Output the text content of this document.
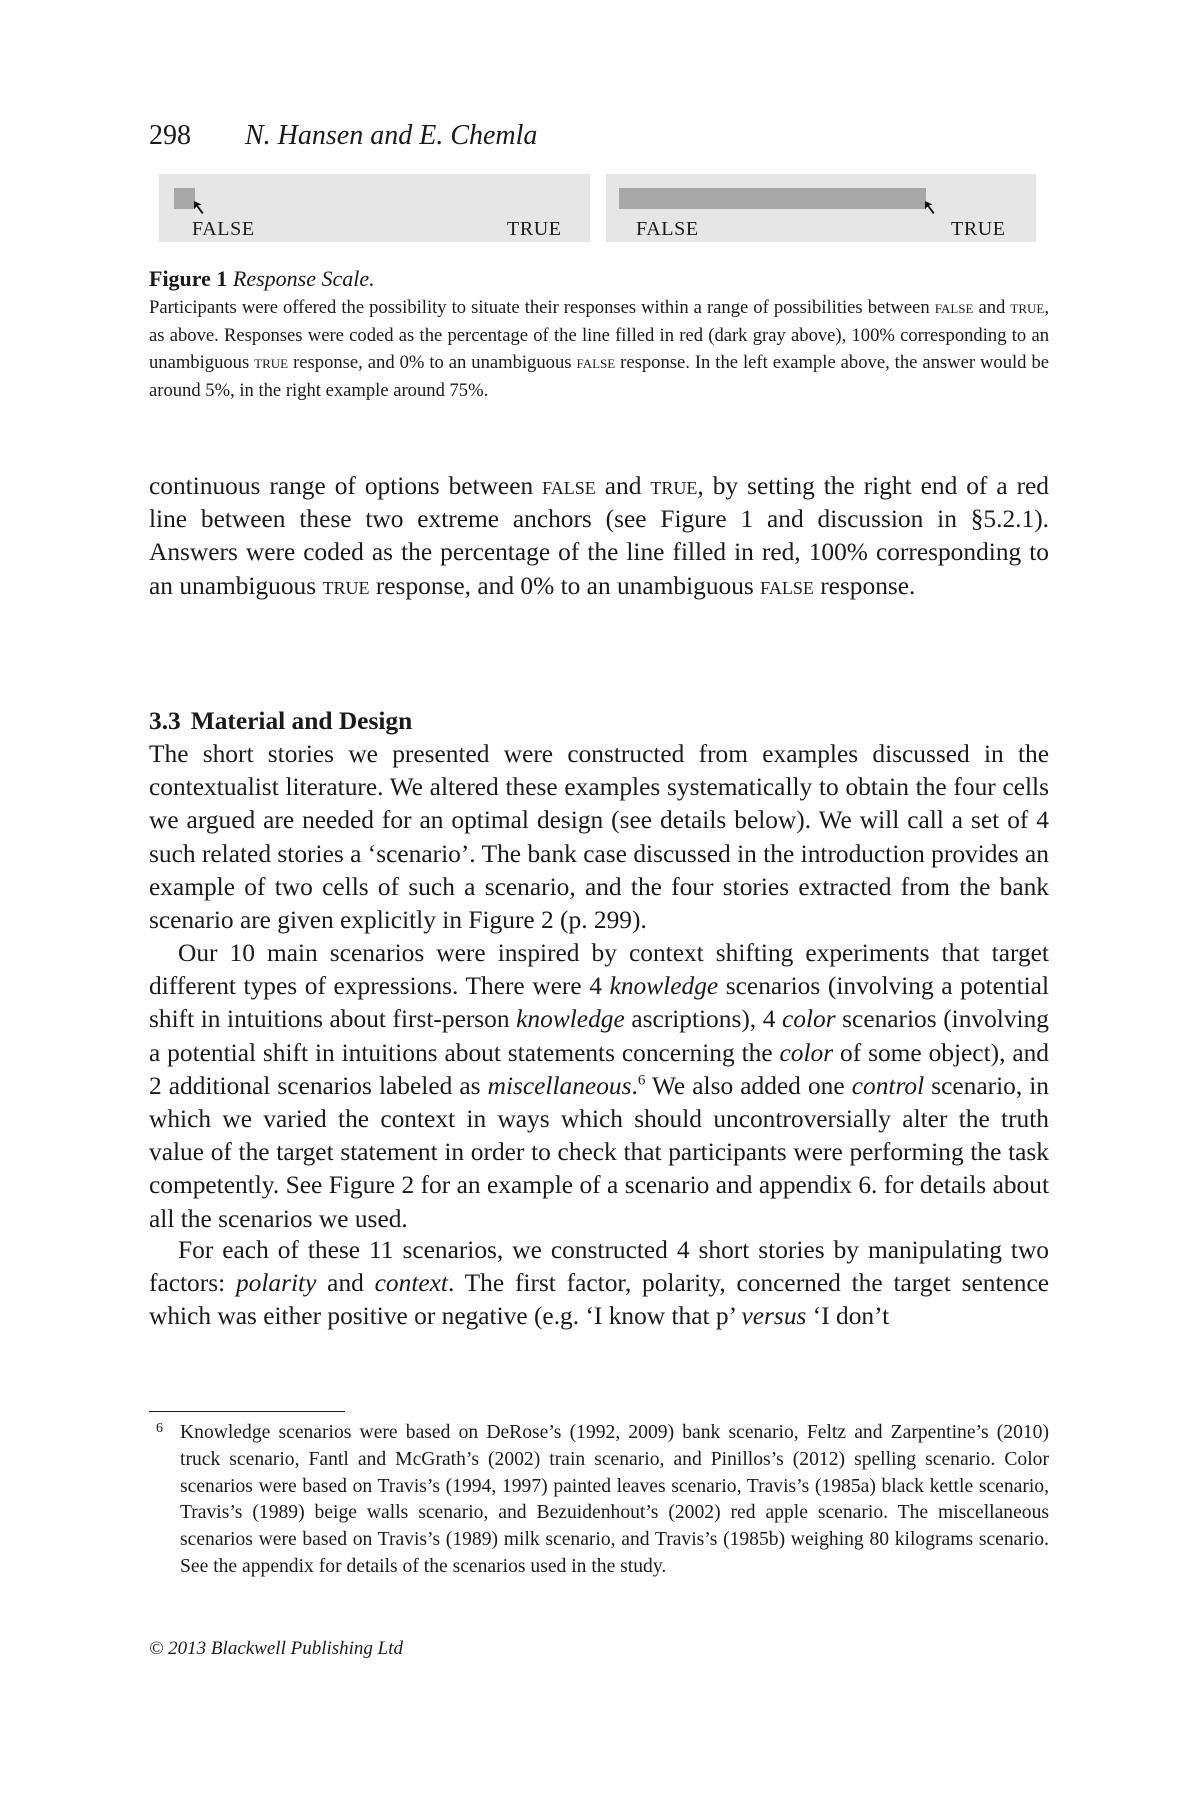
298 N. Hansen and E. Chemla
FALSE	TRUE	FALSE	TRUE
Figure 1 Response Scale.

Participants were offered the possibility to situate their responses within a range of possibilities between false and true, as above. Responses were coded as the percentage of the line filled in red (dark gray above), 100% corresponding to an unambiguous true response, and 0% to an unambiguous false response. In the left example above, the answer would be around 5%, in the right example around 75%.

continuous range of options between false and true, by setting the right end of a red line between these two extreme anchors (see Figure 1 and discussion in §5.2.1). Answers were coded as the percentage of the line filled in red, 100% corresponding to an unambiguous true response, and 0% to an unambiguous false response.

3.3 Material and Design

The short stories we presented were constructed from examples discussed in the contextualist literature. We altered these examples systematically to obtain the four cells we argued are needed for an optimal design (see details below). We will call a set of 4 such related stories a ‘scenario’. The bank case discussed in the introduction provides an example of two cells of such a scenario, and the four stories extracted from the bank scenario are given explicitly in Figure 2 (p. 299).

Our 10 main scenarios were inspired by context shifting experiments that target different types of expressions. There were 4 knowledge scenarios (involving a potential shift in intuitions about first-person knowledge ascriptions), 4 color scenarios (involving a potential shift in intuitions about statements concerning the color of some object), and 2 additional scenarios labeled as miscellaneous.$^6$ We also added one control scenario, in which we varied the context in ways which should uncontroversially alter the truth value of the target statement in order to check that participants were performing the task competently. See Figure 2 for an example of a scenario and appendix 6. for details about all the scenarios we used.

For each of these 11 scenarios, we constructed 4 short stories by manipulating two factors: polarity and context. The first factor, polarity, concerned the target sentence which was either positive or negative (e.g. ‘I know that p’ versus ‘I don’t

6 Knowledge scenarios were based on DeRose’s (1992, 2009) bank scenario, Feltz and Zarpentine’s (2010) truck scenario, Fantl and McGrath’s (2002) train scenario, and Pinillos’s (2012) spelling scenario. Color scenarios were based on Travis’s (1994, 1997) painted leaves scenario, Travis’s (1985a) black kettle scenario, Travis’s (1989) beige walls scenario, and Bezuidenhout’s (2002) red apple scenario. The miscellaneous scenarios were based on Travis’s (1989) milk scenario, and Travis’s (1985b) weighing 80 kilograms scenario. See the appendix for details of the scenarios used in the study.
© 2013 Blackwell Publishing Ltd
